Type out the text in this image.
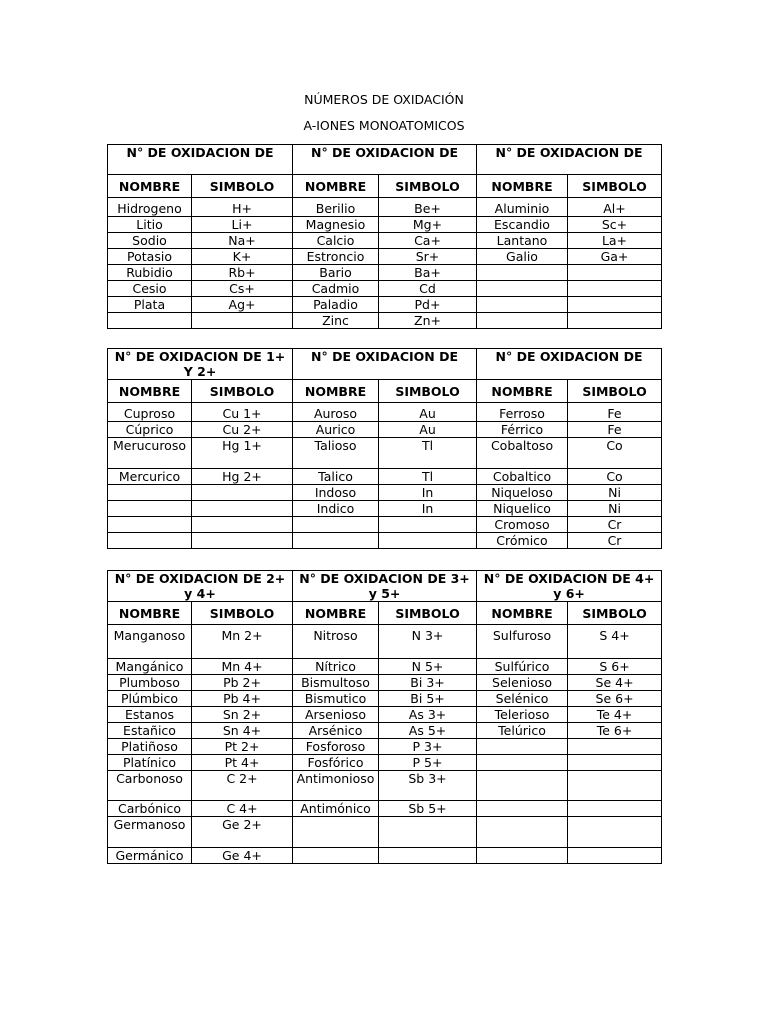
NÚMEROS DE OXIDACIÓN
A-IONES MONOATOMICOS
N° DE OXIDACION DE		N° DE OXIDACION DE		N° DE OXIDACION DE	
NOMBRE	SIMBOLO	NOMBRE	SIMBOLO	NOMBRE	SIMBOLO
Hidrogeno	H+	Berilio	Be+	Aluminio	Al+
Litio	Li+	Magnesio	Mg+	Escandio	Sc+
Sodio	Na+	Calcio	Ca+	Lantano	La+
Potasio	K+	Estroncio	Sr+	Galio	Ga+
Rubidio	Rb+	Bario	Ba+		
Cesio	Cs+	Cadmio	Cd		
Plata	Ag+	Paladio	Pd+		
		Zinc	Zn+		
N° DE OXIDACION DE 1+ Y 2+		N° DE OXIDACION DE		N° DE OXIDACION DE	
NOMBRE	SIMBOLO	NOMBRE	SIMBOLO	NOMBRE	SIMBOLO
Cuproso	Cu 1+	Auroso	Au	Ferroso	Fe
Cúprico	Cu 2+	Aurico	Au	Férrico	Fe
Merucuroso	Hg 1+	Talioso	Tl	Cobaltoso	Co
Mercurico	Hg 2+	Talico	Tl	Cobaltico	Co
		Indoso	In	Niqueloso	Ni
		Indico	In	Niquelico	Ni
				Cromoso	Cr
				Crómico	Cr
N° DE OXIDACION DE 2+ y 4+		N° DE OXIDACION DE 3+ y 5+		N° DE OXIDACION DE 4+ y 6+	
NOMBRE	SIMBOLO	NOMBRE	SIMBOLO	NOMBRE	SIMBOLO
Manganoso	Mn 2+	Nitroso	N 3+	Sulfuroso	S 4+
Mangánico	Mn 4+	Nítrico	N 5+	Sulfúrico	S 6+
Plumboso	Pb 2+	Bismultoso	Bi 3+	Selenioso	Se 4+
Plúmbico	Pb 4+	Bismutico	Bi 5+	Selénico	Se 6+
Estanos	Sn 2+	Arsenioso	As 3+	Telerioso	Te 4+
Estañico	Sn 4+	Arsénico	As 5+	Telúrico	Te 6+
Platiñoso	Pt 2+	Fosforoso	P 3+		
Platínico	Pt 4+	Fosfórico	P 5+		
Carbonoso	C 2+	Antimonioso	Sb 3+		
Carbónico	C 4+	Antimónico	Sb 5+		
Germanoso	Ge 2+				
Germánico	Ge 4+				
